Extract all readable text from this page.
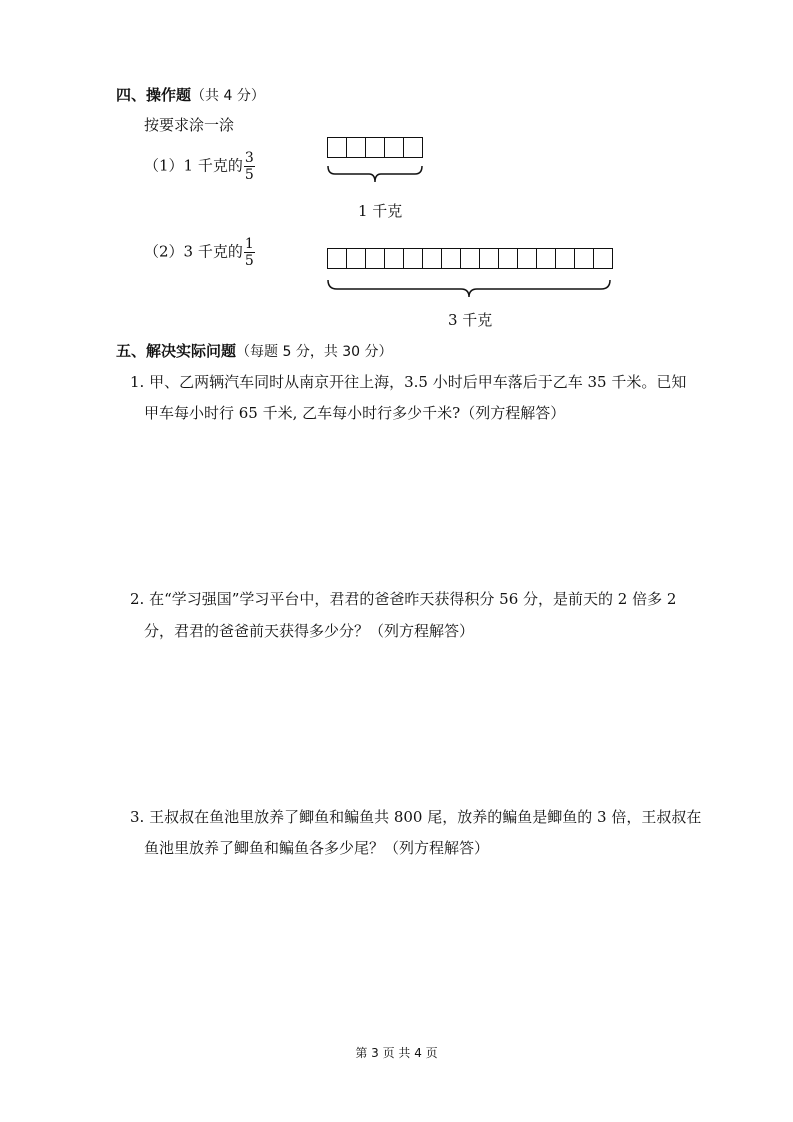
四、操作题（共 4 分）
按要求涂一涂
（1）1 千克的 $\frac{3}{5}$
1 千克
（2）3 千克的 $\frac{1}{5}$
3 千克
五、解决实际问题（每题 5 分，共 30 分）
1. 甲、乙两辆汽车同时从南京开往上海，3.5 小时后甲车落后于乙车 35 千米。已知
甲车每小时行 65 千米, 乙车每小时行多少千米?（列方程解答）
2. 在“学习强国”学习平台中，君君的爸爸昨天获得积分 56 分，是前天的 2 倍多 2
分，君君的爸爸前天获得多少分？（列方程解答）
3. 王叔叔在鱼池里放养了鲫鱼和鳊鱼共 800 尾，放养的鳊鱼是鲫鱼的 3 倍，王叔叔在
鱼池里放养了鲫鱼和鳊鱼各多少尾？（列方程解答）
第 3 页 共 4 页
